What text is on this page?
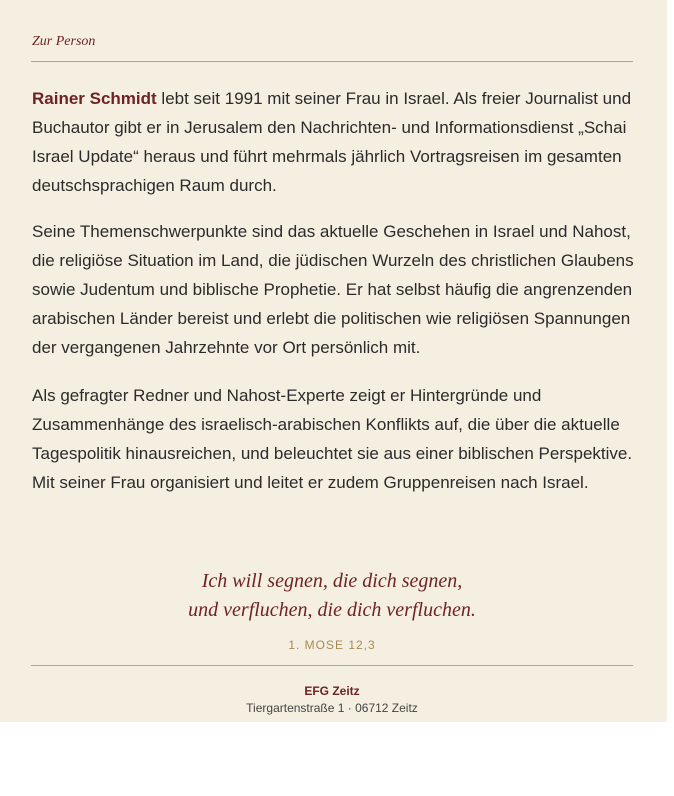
Zur Person

Rainer Schmidt lebt seit 1991 mit seiner Frau in Israel. Als freier Journalist und Buchautor gibt er in Jerusalem den Nachrichten- und Informationsdienst „Schai Israel Update“ heraus und führt mehrmals jährlich Vortragsreisen im gesamten deutschsprachigen Raum durch.

Seine Themenschwerpunkte sind das aktuelle Geschehen in Israel und Nahost, die religiöse Situation im Land, die jüdischen Wurzeln des christlichen Glaubens sowie Judentum und biblische Prophetie. Er hat selbst häufig die angrenzenden arabischen Länder bereist und erlebt die politischen wie religiösen Spannungen der vergangenen Jahrzehnte vor Ort persönlich mit.

Als gefragter Redner und Nahost-Experte zeigt er Hintergründe und Zusammenhänge des israelisch-arabischen Konflikts auf, die über die aktuelle Tagespolitik hinausreichen, und beleuchtet sie aus einer biblischen Perspektive. Mit seiner Frau organisiert und leitet er zudem Gruppenreisen nach Israel.

Ich will segnen, die dich segnen,
und verfluchen, die dich verfluchen.
1. MOSE 12,3
EFG Zeitz
Tiergartenstraße 1 · 06712 Zeitz
